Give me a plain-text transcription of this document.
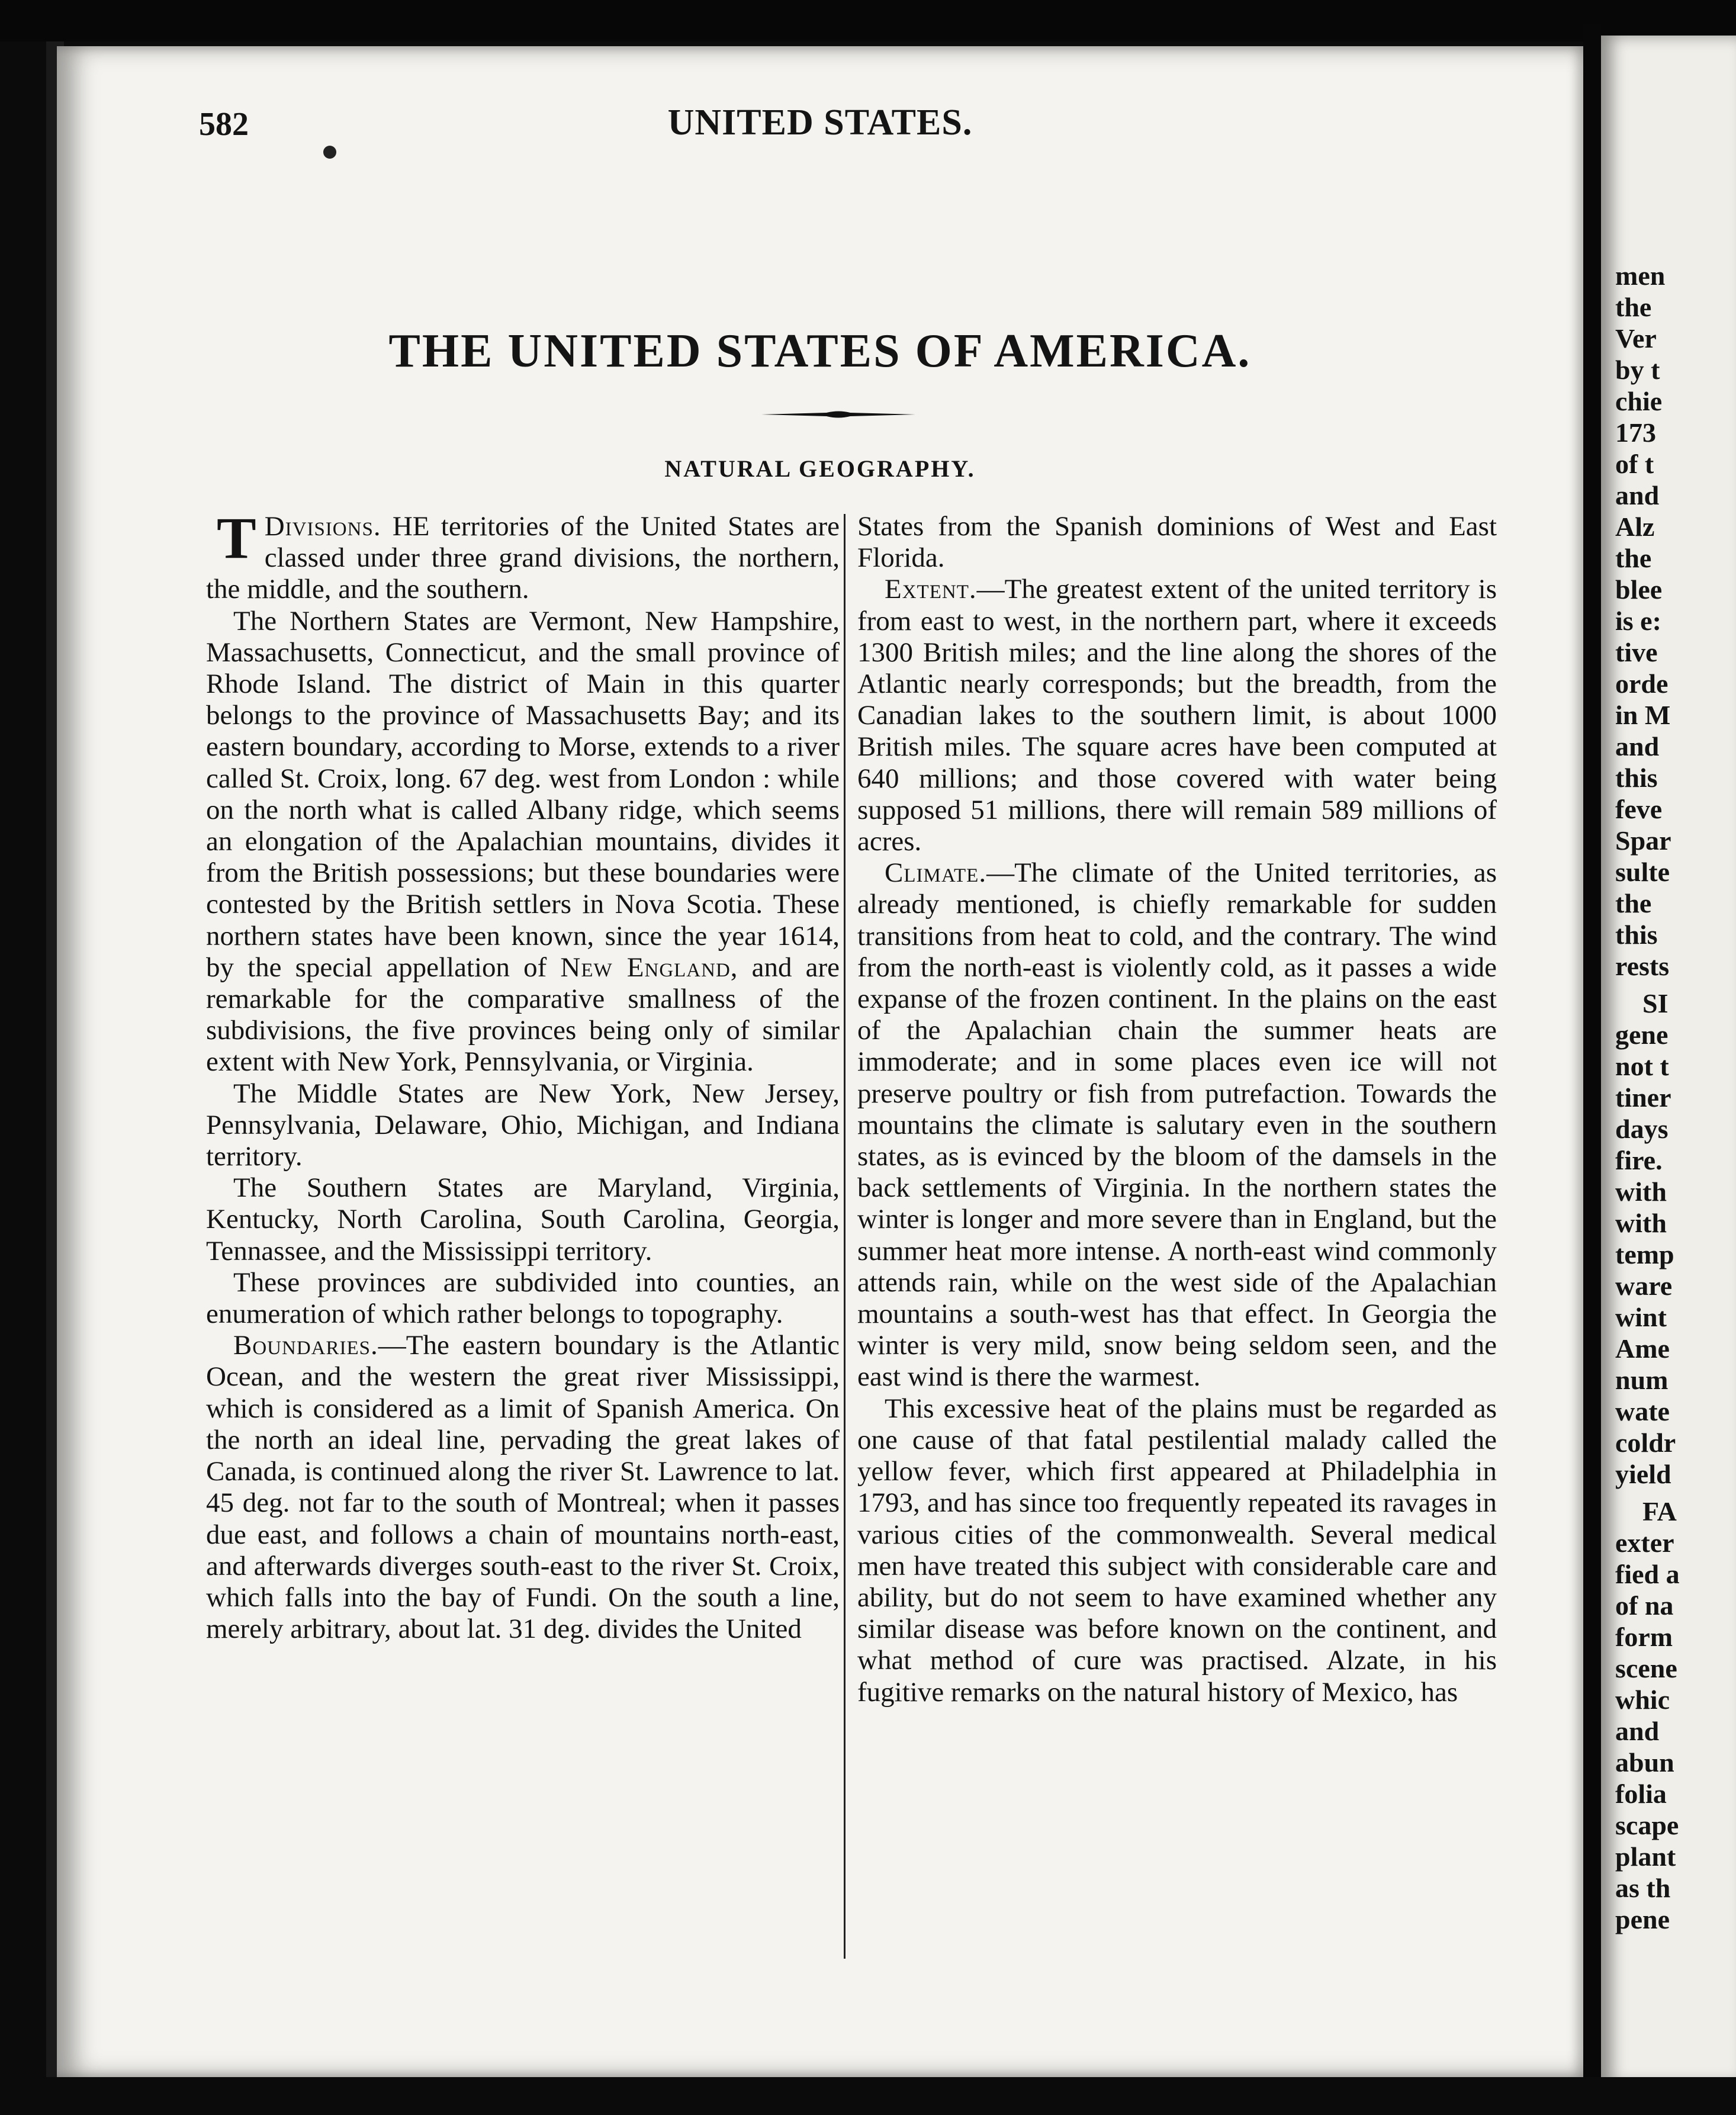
582	UNITED STATES.
THE UNITED STATES OF AMERICA.
NATURAL GEOGRAPHY.

Divisions.
T	HE territories of the United States are classed under three grand divisions, the northern, the middle, and the southern.

The Northern States are Vermont, New Hampshire, Massachusetts, Connecticut, and the small province of Rhode Island. The district of Main in this quarter belongs to the province of Massachusetts Bay; and its eastern boundary, according to Morse, extends to a river called St. Croix, long. 67 deg. west from London : while on the north what is called Albany ridge, which seems an elongation of the Apalachian mountains, divides it from the British possessions; but these boundaries were contested by the British settlers in Nova Scotia. These northern states have been known, since the year 1614, by the special appellation of New England, and are remarkable for the comparative smallness of the subdivisions, the five provinces being only of similar extent with New York, Pennsylvania, or Virginia.

The Middle States are New York, New Jersey, Pennsylvania, Delaware, Ohio, Michigan, and Indiana territory.

The Southern States are Maryland, Virginia, Kentucky, North Carolina, South Carolina, Georgia, Tennassee, and the Mississippi territory.

These provinces are subdivided into counties, an enumeration of which rather belongs to topography.

Boundaries.—The eastern boundary is the Atlantic Ocean, and the western the great river Mississippi, which is considered as a limit of Spanish America. On the north an ideal line, pervading the great lakes of Canada, is continued along the river St. Lawrence to lat. 45 deg. not far to the south of Montreal; when it passes due east, and follows a chain of mountains north-east, and afterwards diverges south-east to the river St. Croix, which falls into the bay of Fundi. On the south a line, merely arbitrary, about lat. 31 deg. divides the United

States from the Spanish dominions of West and East Florida.

Extent.—The greatest extent of the united territory is from east to west, in the northern part, where it exceeds 1300 British miles; and the line along the shores of the Atlantic nearly corresponds; but the breadth, from the Canadian lakes to the southern limit, is about 1000 British miles. The square acres have been computed at 640 millions; and those covered with water being supposed 51 millions, there will remain 589 millions of acres.

Climate.—The climate of the United territories, as already mentioned, is chiefly remarkable for sudden transitions from heat to cold, and the contrary. The wind from the north-east is violently cold, as it passes a wide expanse of the frozen continent. In the plains on the east of the Apalachian chain the summer heats are immoderate; and in some places even ice will not preserve poultry or fish from putrefaction. Towards the mountains the climate is salutary even in the southern states, as is evinced by the bloom of the damsels in the back settlements of Virginia. In the northern states the winter is longer and more severe than in England, but the summer heat more intense. A north-east wind commonly attends rain, while on the west side of the Apalachian mountains a south-west has that effect. In Georgia the winter is very mild, snow being seldom seen, and the east wind is there the warmest.

This excessive heat of the plains must be regarded as one cause of that fatal pestilential malady called the yellow fever, which first appeared at Philadelphia in 1793, and has since too frequently repeated its ravages in various cities of the commonwealth. Several medical men have treated this subject with considerable care and ability, but do not seem to have examined whether any similar disease was before known on the continent, and what method of cure was practised. Alzate, in his fugitive remarks on the natural history of Mexico, has

men
the
Ver
by t
chie
173
of t
and
Alz
the
blee
is e:
tive
orde
in M
and
this
feve
Spar
sulte
the
this
rests
SI
gene
not t
tiner
days
fire.
with
with
temp
ware
wint
Ame
num
wate
coldr
yield
FA
exter
fied a
of na
form
scene
whic
and
abun
folia
scape
plant
as th
pene
